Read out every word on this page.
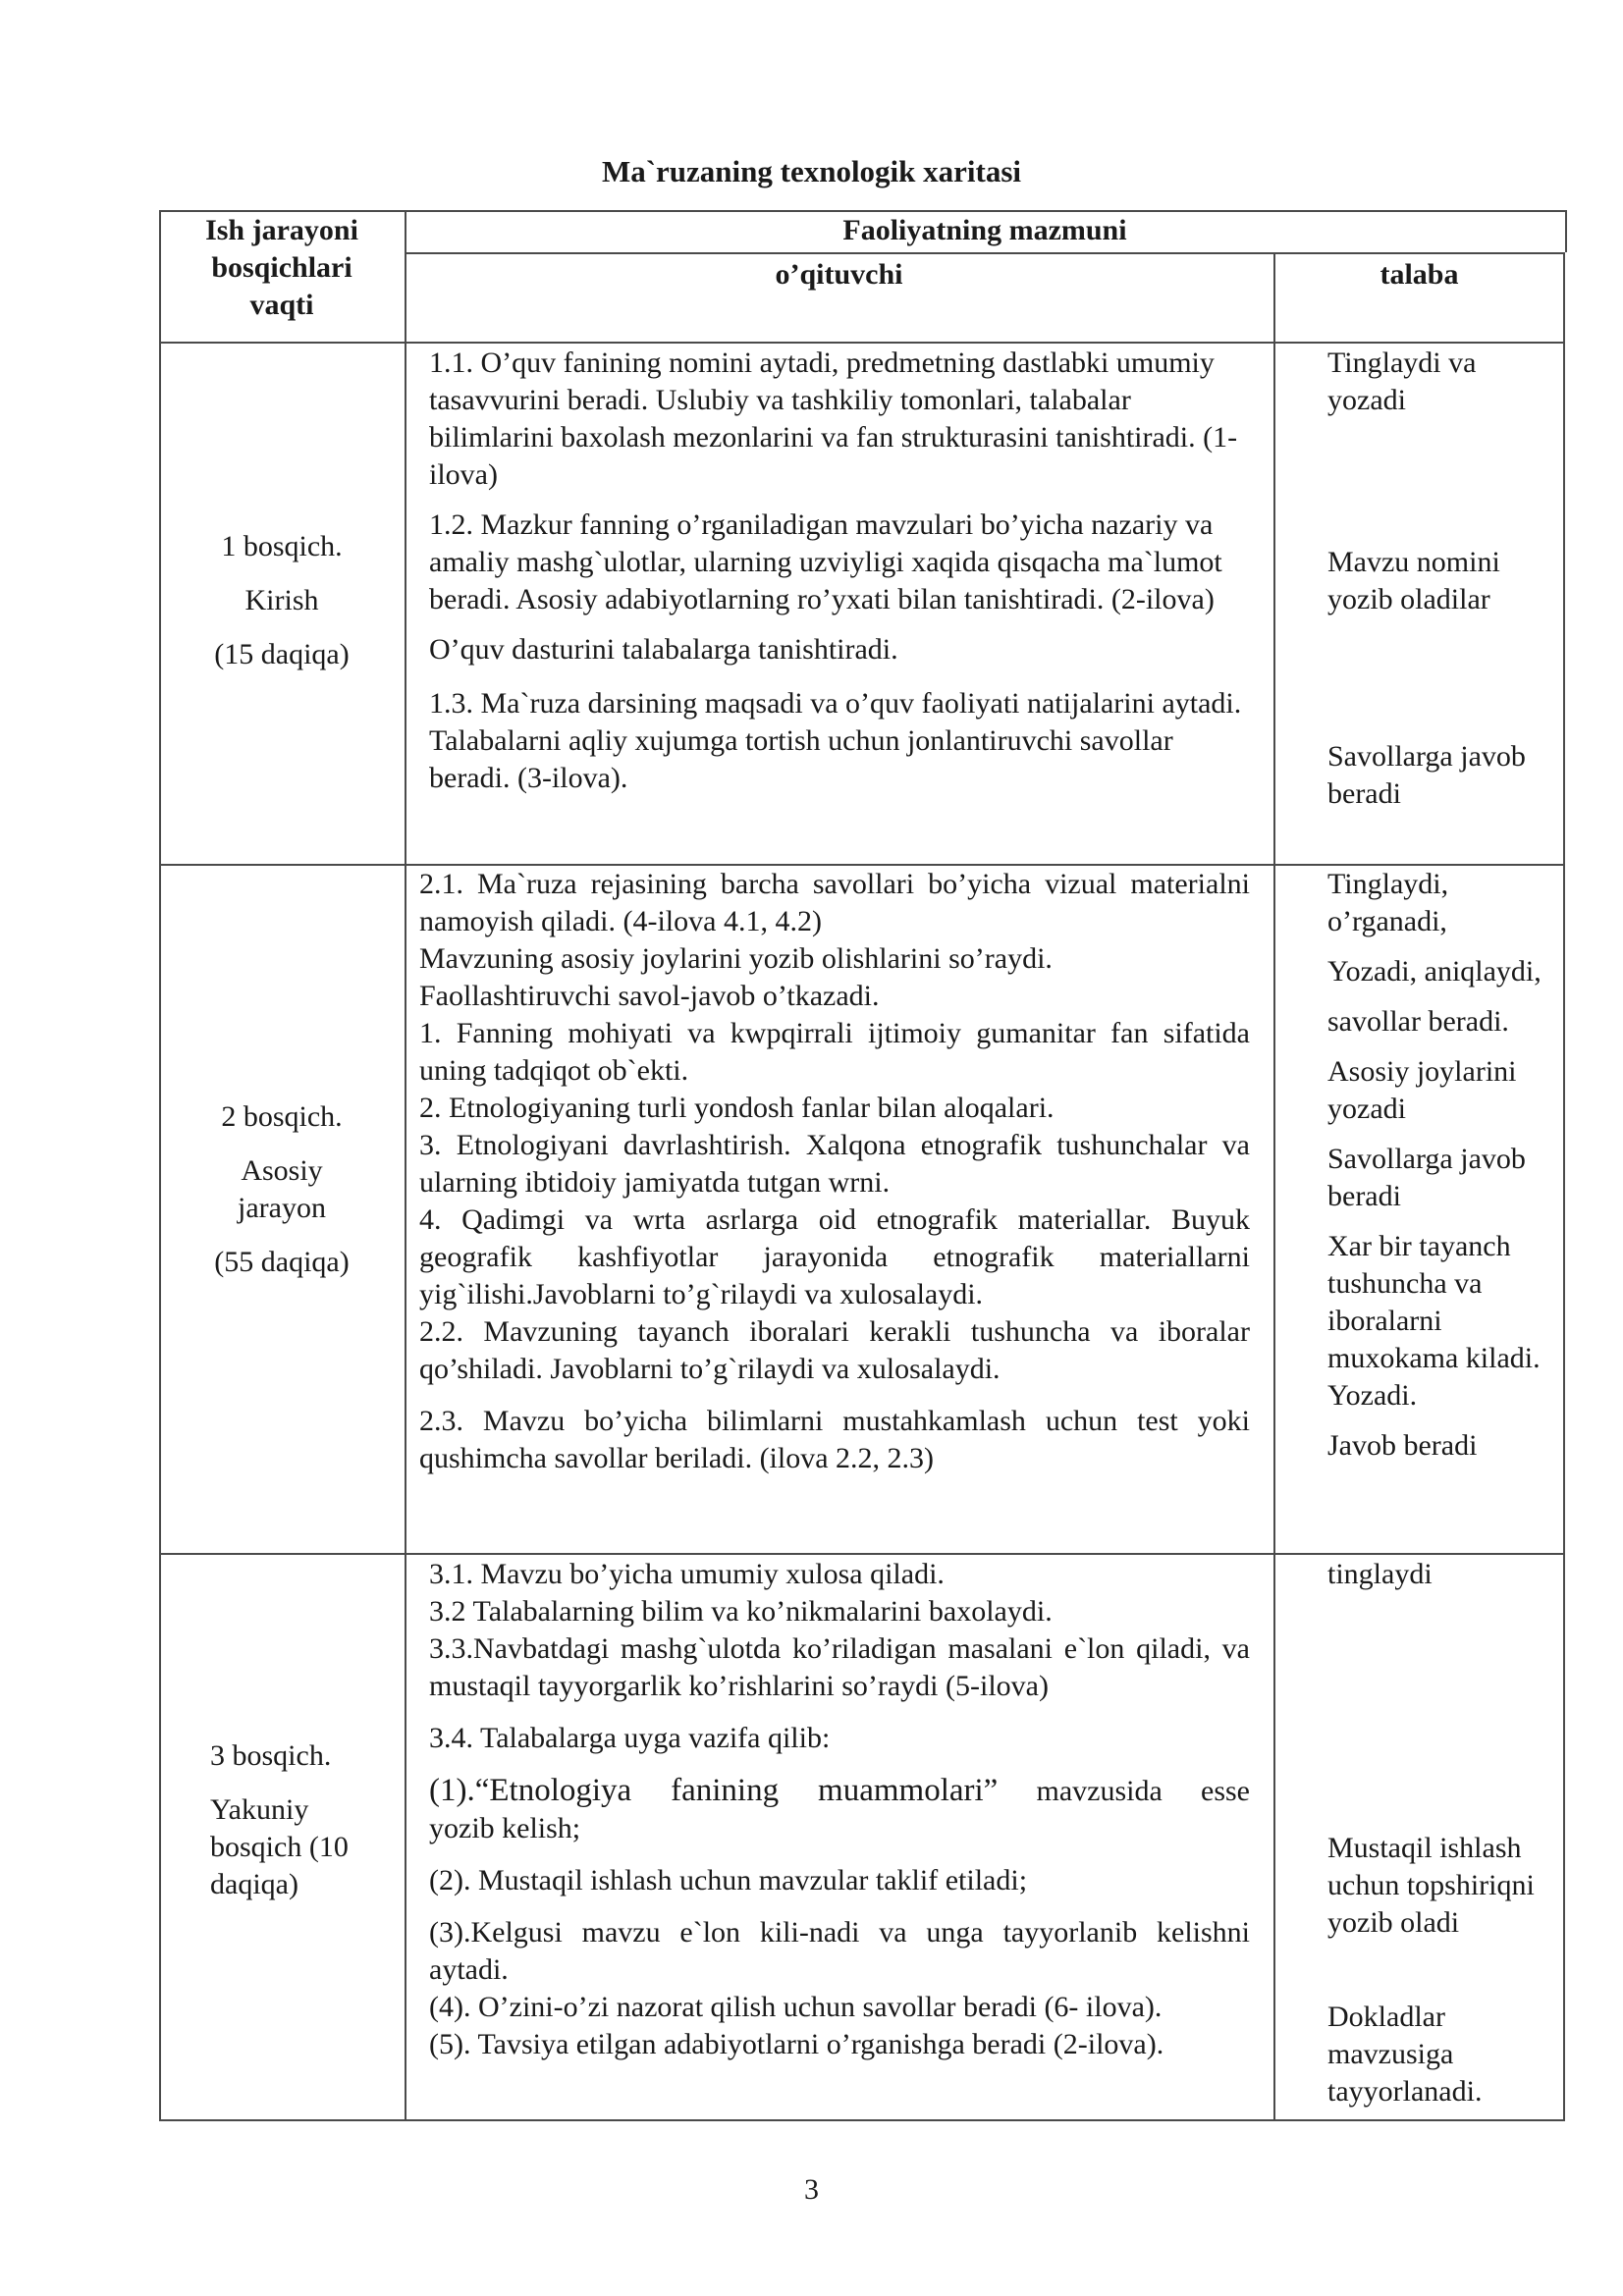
Ma`ruzaning texnologik xaritasi
Ish jarayoni
bosqichlari
vaqti
Faoliyatning mazmuni
o’qituvchi	talaba
1 bosqich.
Kirish
(15 daqiqa)
1.1. O’quv fanining nomini aytadi, predmetning dastlabki umumiy tasavvurini beradi. Uslubiy va tashkiliy tomonlari, talabalar bilimlarini baxolash mezonlarini va fan strukturasini tanishtiradi. (1-ilova)
1.2. Mazkur fanning o’rganiladigan mavzulari bo’yicha nazariy va amaliy mashg`ulotlar, ularning uzviyligi xaqida qisqacha ma`lumot beradi. Asosiy adabiyotlarning ro’yxati bilan tanishtiradi. (2-ilova)
O’quv dasturini talabalarga tanishtiradi.
1.3. Ma`ruza darsining maqsadi va o’quv faoliyati natijalarini aytadi. Talabalarni aqliy xujumga tortish uchun jonlantiruvchi savollar beradi. (3-ilova).
Tinglaydi va yozadi
Mavzu nomini yozib oladilar
Savollarga javob beradi
2 bosqich.
Asosiy
jarayon
(55 daqiqa)
2.1. Ma`ruza rejasining barcha savollari bo’yicha vizual materialni namoyish qiladi. (4-ilova 4.1, 4.2)
Mavzuning asosiy joylarini yozib olishlarini so’raydi.
Faollashtiruvchi savol-javob o’tkazadi.
1. Fanning mohiyati va kwpqirrali ijtimoiy gumanitar fan sifatida uning tadqiqot ob`ekti.
2. Etnologiyaning turli yondosh fanlar bilan aloqalari.
3. Etnologiyani davrlashtirish. Xalqona etnografik tushunchalar va ularning ibtidoiy jamiyatda tutgan wrni.
4. Qadimgi va wrta asrlarga oid etnografik materiallar. Buyuk geografik kashfiyotlar jarayonida etnografik materiallarni yig`ilishi.Javoblarni to’g`rilaydi va xulosalaydi.
2.2. Mavzuning tayanch iboralari kerakli tushuncha va iboralar qo’shiladi. Javoblarni to’g`rilaydi va xulosalaydi.
2.3. Mavzu bo’yicha bilimlarni mustahkamlash uchun test yoki qushimcha savollar beriladi. (ilova 2.2, 2.3)
Tinglaydi, o’rganadi,
Yozadi, aniqlaydi,
savollar beradi.
Asosiy joylarini yozadi
Savollarga javob beradi
Xar bir tayanch tushuncha va iboralarni muxokama kiladi. Yozadi.
Javob beradi
3 bosqich.
Yakuniy bosqich (10 daqiqa)
3.1. Mavzu bo’yicha umumiy xulosa qiladi.
3.2 Talabalarning bilim va ko’nikmalarini baxolaydi.
3.3.Navbatdagi mashg`ulotda ko’riladigan masalani e`lon qiladi, va mustaqil tayyorgarlik ko’rishlarini so’raydi (5-ilova)
3.4. Talabalarga uyga vazifa qilib:
(1).“Etnologiya fanining muammolari” mavzusida esse
yozib kelish;
(2). Mustaqil ishlash uchun mavzular taklif etiladi;
(3).Kelgusi mavzu e`lon kili-nadi va unga tayyorlanib kelishni aytadi.
(4). O’zini-o’zi nazorat qilish uchun savollar beradi (6- ilova).
(5). Tavsiya etilgan adabiyotlarni o’rganishga beradi (2-ilova).
tinglaydi
Mustaqil ishlash uchun topshiriqni yozib oladi
Dokladlar mavzusiga tayyorlanadi.
3
